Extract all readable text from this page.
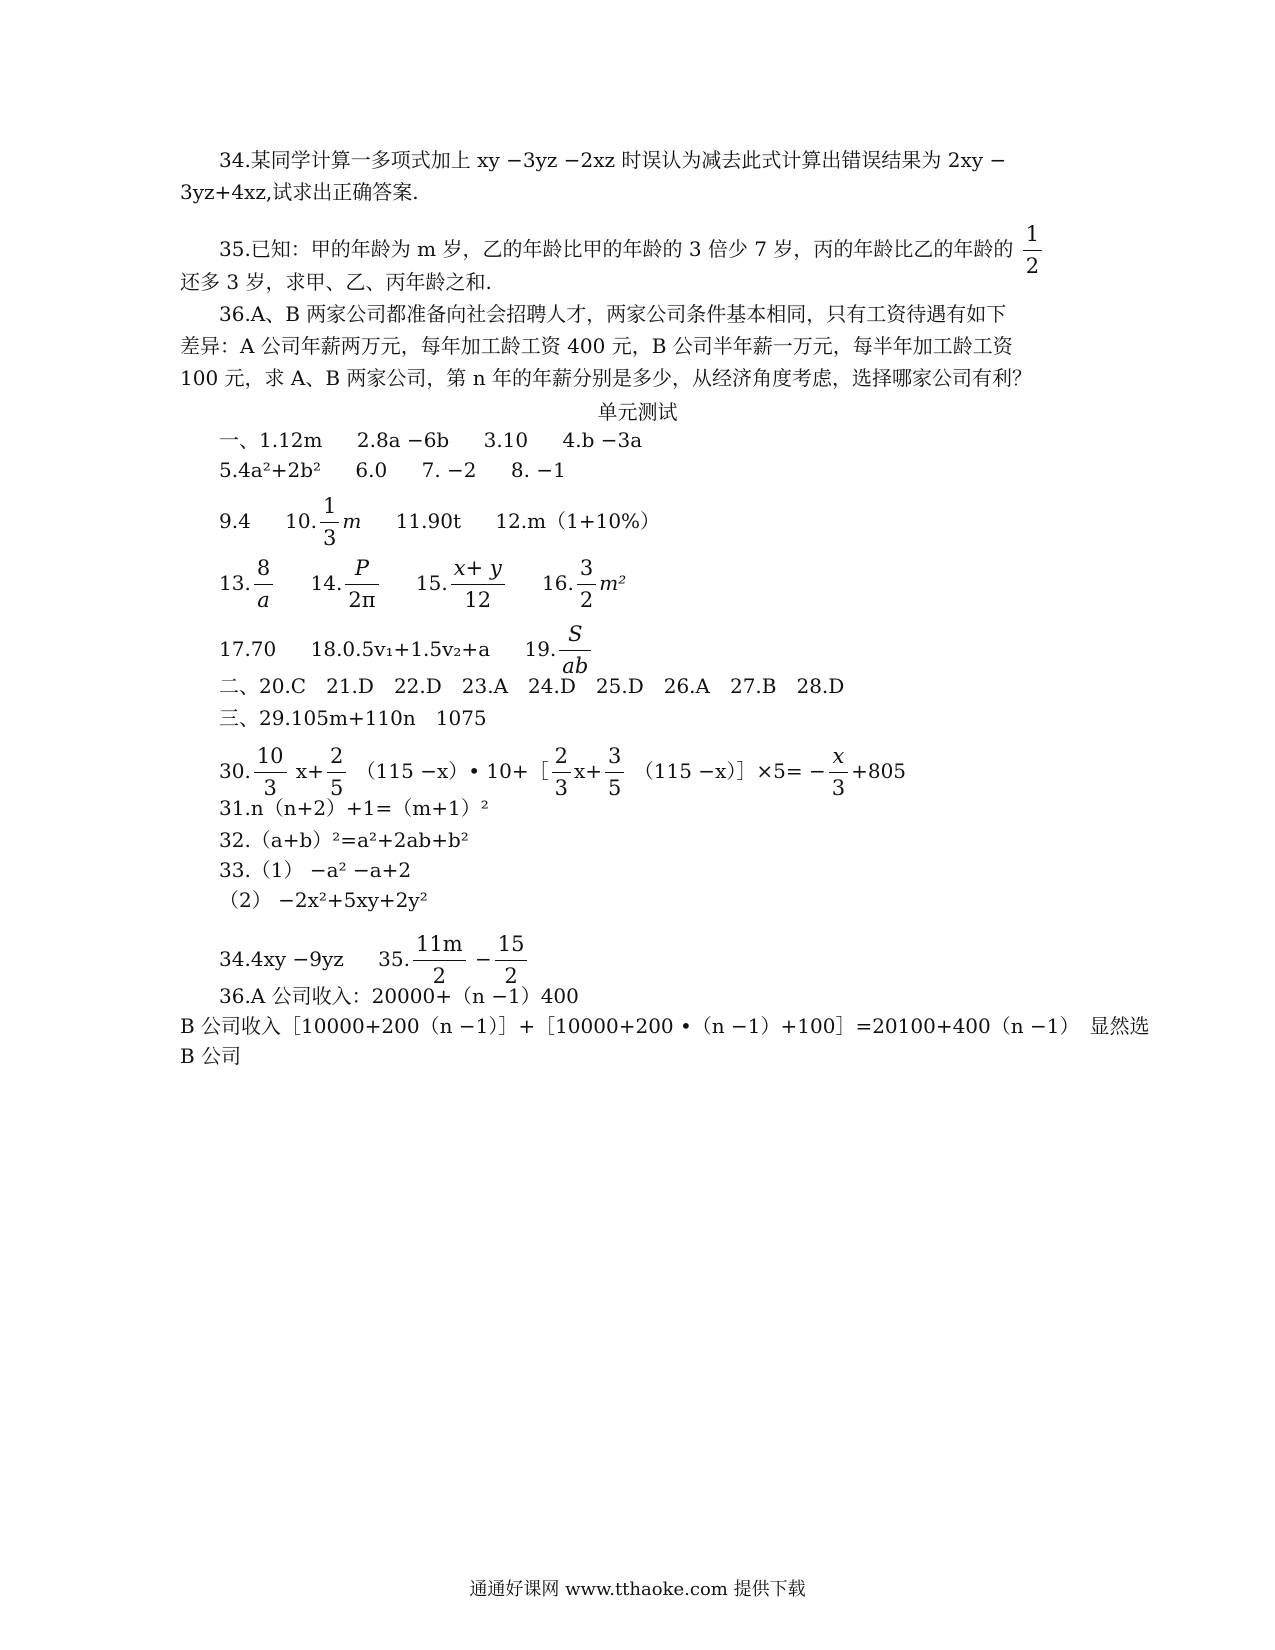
34.某同学计算一多项式加上 xy −3yz −2xz 时误认为减去此式计算出错误结果为 2xy −
3yz+4xz,试求出正确答案.
35.已知：甲的年龄为 m 岁，乙的年龄比甲的年龄的 3 倍少 7 岁，丙的年龄比乙的年龄的 $\frac{1}{2}$
还多 3 岁，求甲、乙、丙年龄之和.
36.A、B 两家公司都准备向社会招聘人才，两家公司条件基本相同，只有工资待遇有如下
差异：A 公司年薪两万元，每年加工龄工资 400 元，B 公司半年薪一万元，每半年加工龄工资
100 元，求 A、B 两家公司，第 n 年的年薪分别是多少，从经济角度考虑，选择哪家公司有利？
单元测试
一、1.12m 2.8a −6b 3.10 4.b −3a
5.4a²+2b² 6.0 7. −2 8. −1
9.4 10. $\frac{1}{3}$ m 11.90t 12.m（1+10%）
13. $\frac{8}{a} 14$. $\frac{P}{2\pi} 15$. $\frac{x+ y}{12} 16$. $\frac{3}{2} m^2$
17.70 18.0.5v₁+1.5v₂+a 19. $\frac{S}{ab}$
二、20.C　21.D　22.D　23.A　24.D　25.D　26.A　27.B　28.D
三、29.105m+110n　1075
30. $\frac{10}{3} x+ \frac{2}{5} (115$ −x）• 10+［ $\frac{2}{3} x+ \frac{3}{5} (115$ −x）］×5= − $\frac{x}{3} +805$
31.n（n+2）+1=（m+1）²
32.（a+b）²=a²+2ab+b²
33.（1） −a² −a+2
（2） −2x²+5xy+2y²
34.4xy −9yz 35. $\frac{11m}{2} - \frac{15}{2}$
36.A 公司收入：20000+（n −1）400
B 公司收入［10000+200（n −1）］+［10000+200 •（n −1）+100］=20100+400（n −1）　显然选
B 公司
通通好课网 www.tthaoke.com 提供下载
